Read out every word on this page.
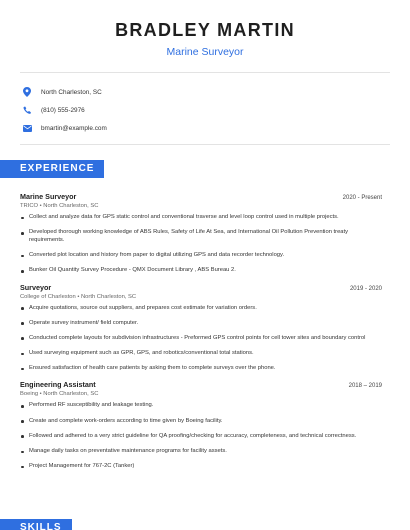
BRADLEY MARTIN
Marine Surveyor
North Charleston, SC
(810) 555-2976
bmartin@example.com
EXPERIENCE
Marine Surveyor	2020 - Present
TRICO • North Charleston, SC
Collect and analyze data for GPS static control and conventional traverse and level loop control used in multiple projects.
Developed thorough working knowledge of ABS Rules, Safety of Life At Sea, and International Oil Pollution Prevention treaty requirements.
Converted plot location and history from paper to digital utilizing GPS and data recorder technology.
Bunker Oil Quantity Survey Procedure - QMX Document Library , ABS Bureau 2.
Surveyor	2019 - 2020
College of Charleston • North Charleston, SC
Acquire quotations, source out suppliers, and prepares cost estimate for variation orders.
Operate survey instrument/ field computer.
Conducted complete layouts for subdivision infrastructures - Preformed GPS control points for cell tower sites and boundary control
Used surveying equipment such as GPR, GPS, and robotics/conventional total stations.
Ensured satisfaction of health care patients by asking them to complete surveys over the phone.
Engineering Assistant	2018 – 2019
Boeing • North Charleston, SC
Performed RF susceptibility and leakage testing.
Create and complete work-orders according to time given by Boeing facility.
Followed and adhered to a very strict guideline for QA proofing/checking for accuracy, completeness, and technical correctness.
Manage daily tasks on preventative maintenance programs for facility assets.
Project Management for 767-2C (Tanker)
SKILLS
